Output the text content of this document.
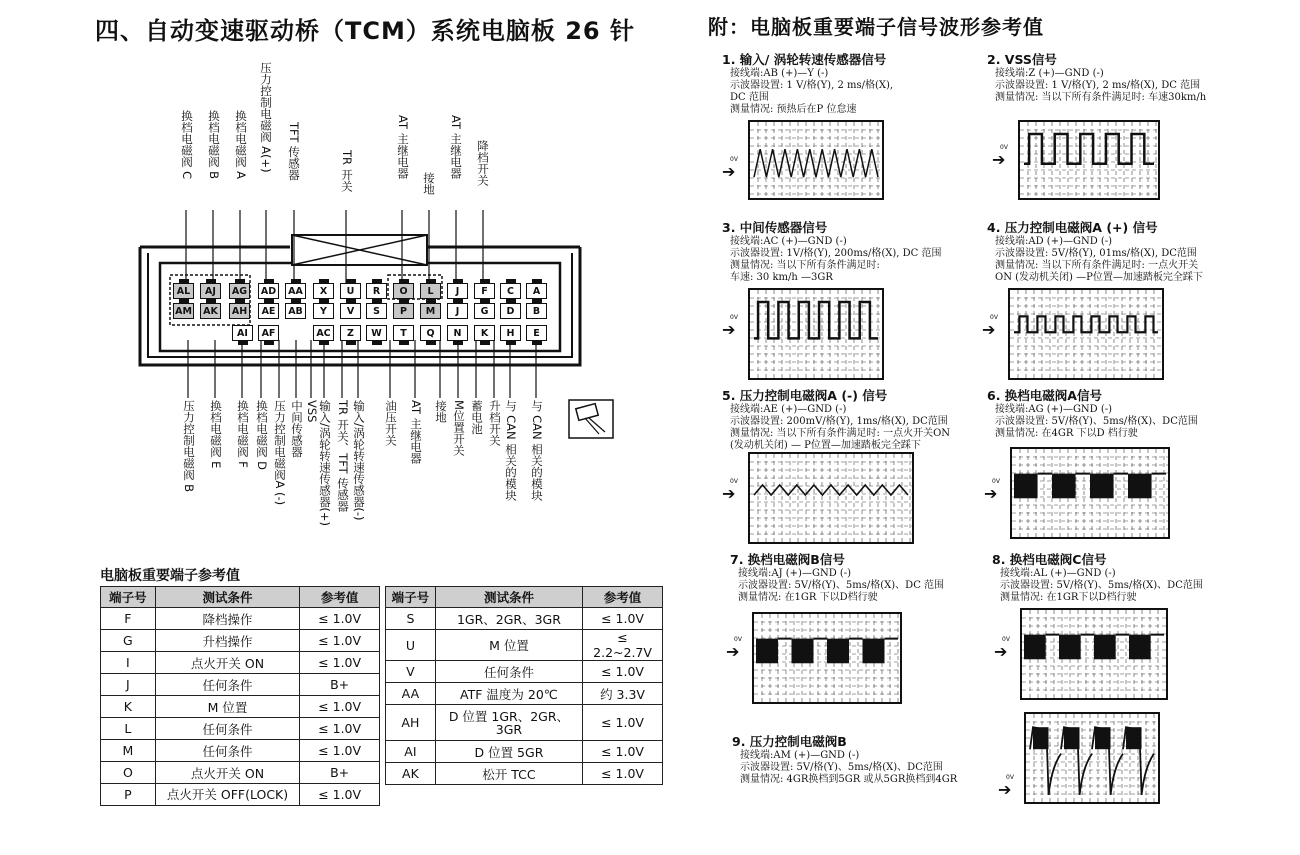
四、自动变速驱动桥（TCM）系统电脑板 26 针	附：电脑板重要端子信号波形参考值
AL	AJ	AG	AD	AA	X	U	R	O	L	J	F	C	A
AM	AK	AH	AE	AB	Y	V	S	P	M	J	G	D	B
AI	AF	AC	Z	W	T	Q	N	K	H	E
换档电磁阀 C 换档电磁阀 B 换档电磁阀 A 压力控制电磁阀 A(+) TFT 传感器	TR 开关	AT 主继电器
接地
AT 主继电器 降档开关
压力控制电磁阀 B 换档电磁阀 E 换档电磁阀 F 换档电磁阀 D 压力控制电磁阀A (-) 中间传感器 VSS 输入/涡轮转速传感器(+) TR 开关、TFT 传感器 输入/涡轮转速传感器(-) 油压开关 AT 主继电器 接地 M位置开关 蓄电池 升档开关 与 CAN 相关的模块 与 CAN 相关的模块
电脑板重要端子参考值
端子号	测试条件	参考值
F	降档操作	≤ 1.0V
G	升档操作	≤ 1.0V
I	点火开关 ON	≤ 1.0V
J	任何条件	B+
K	M 位置	≤ 1.0V
L	任何条件	≤ 1.0V
M	任何条件	≤ 1.0V
O	点火开关 ON	B+
P	点火开关 OFF(LOCK)	≤ 1.0V
端子号	测试条件	参考值
S	1GR、2GR、3GR	≤ 1.0V
U	M 位置	≤ 2.2~2.7V
V	任何条件	≤ 1.0V
AA	ATF 温度为 20℃	约 3.3V
AH	D 位置 1GR、2GR、3GR	≤ 1.0V
AI	D 位置 5GR	≤ 1.0V
AK	松开 TCC	≤ 1.0V
1. 输入/ 涡轮转速传感器信号
接线端:AB (+)—Y (-)
示波器设置: 1 V/格(Y), 2 ms/格(X),
DC 范围
测量情况: 预热后在P 位怠速
➔
0V
2. VSS信号
接线端:Z (+)—GND (-)
示波器设置: 1 V/格(Y), 2 ms/格(X), DC 范围
测量情况: 当以下所有条件满足时: 车速30km/h
➔
0V
3. 中间传感器信号
接线端:AC (+)—GND (-)
示波器设置: 1V/格(Y), 200ms/格(X), DC 范围
测量情况: 当以下所有条件满足时:
车速: 30 km/h —3GR
➔
0V
4. 压力控制电磁阀A (+) 信号
接线端:AD (+)—GND (-)
示波器设置: 5V/格(Y), 01ms/格(X), DC范围
测量情况: 当以下所有条件满足时: 一点火开关
ON (发动机关闭) —P位置—加速踏板完全踩下
➔
0V
5. 压力控制电磁阀A (-) 信号
接线端:AE (+)—GND (-)
示波器设置: 200mV/格(Y), 1ms/格(X), DC范围
测量情况: 当以下所有条件满足时: 一点火开关ON
(发动机关闭) — P位置—加速踏板完全踩下
➔
0V
6. 换档电磁阀A信号
接线端:AG (+)—GND (-)
示波器设置: 5V/格(Y)、5ms/格(X)、DC范围
测量情况: 在4GR 下以D 档行驶
➔
0V
7. 换档电磁阀B信号
接线端:AJ (+)—GND (-)
示波器设置: 5V/格(Y)、5ms/格(X)、DC 范围
测量情况: 在1GR 下以D档行驶
➔
0V
8. 换档电磁阀C信号
接线端:AL (+)—GND (-)
示波器设置: 5V/格(Y)、5ms/格(X)、DC范围
测量情况: 在1GR下以D档行驶
➔
0V
9. 压力控制电磁阀B
接线端:AM (+)—GND (-)
示波器设置: 5V/格(Y)、5ms/格(X)、DC范围
测量情况: 4GR换档到5GR 或从5GR换档到4GR
➔
0V
